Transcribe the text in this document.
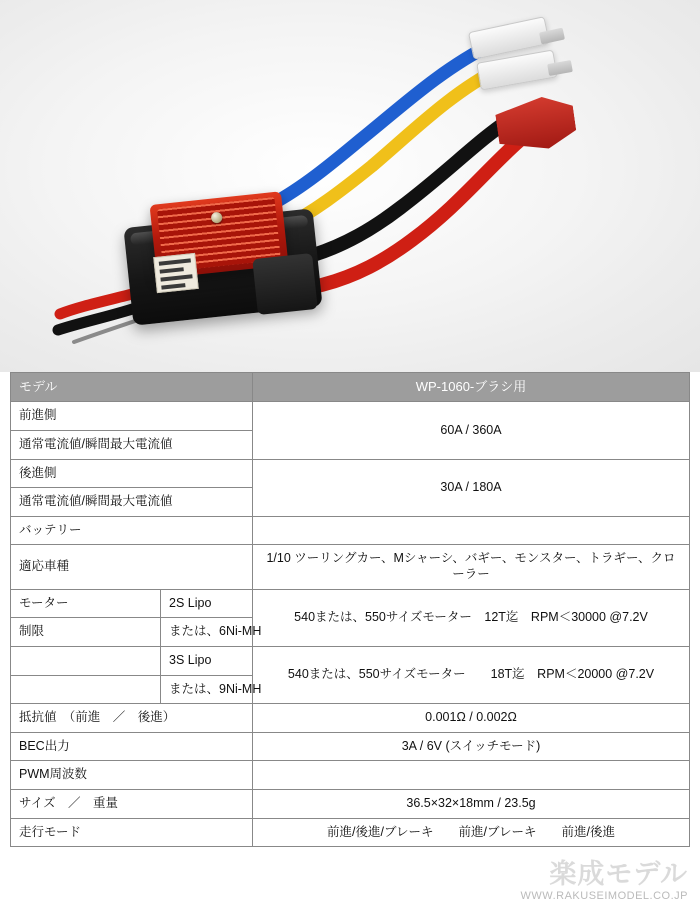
モデル		WP-1060-ブラシ用
前進側		60A / 360A
通常電流値/瞬間最大電流値		
後進側		30A / 180A
通常電流値/瞬間最大電流値		
バッテリー		
適応車種		1/10 ツーリングカー、Mシャーシ、バギー、モンスター、トラギー、クローラー
モーター	2S Lipo	540または、550サイズモーター　12T迄　RPM＜30000 @7.2V
制限	または、6Ni-MH	
	3S Lipo	540または、550サイズモーター　　18T迄　RPM＜20000 @7.2V
	または、9Ni-MH	
抵抗値　（前進　／　後進）		0.001Ω / 0.002Ω
BEC出力		3A / 6V (スイッチモード)
PWM周波数		
サイズ　／　重量		36.5×32×18mm / 23.5g
走行モード		前進/後進/ブレーキ　　前進/ブレーキ　　前進/後進
楽成モデル
WWW.RAKUSEIMODEL.CO.JP
